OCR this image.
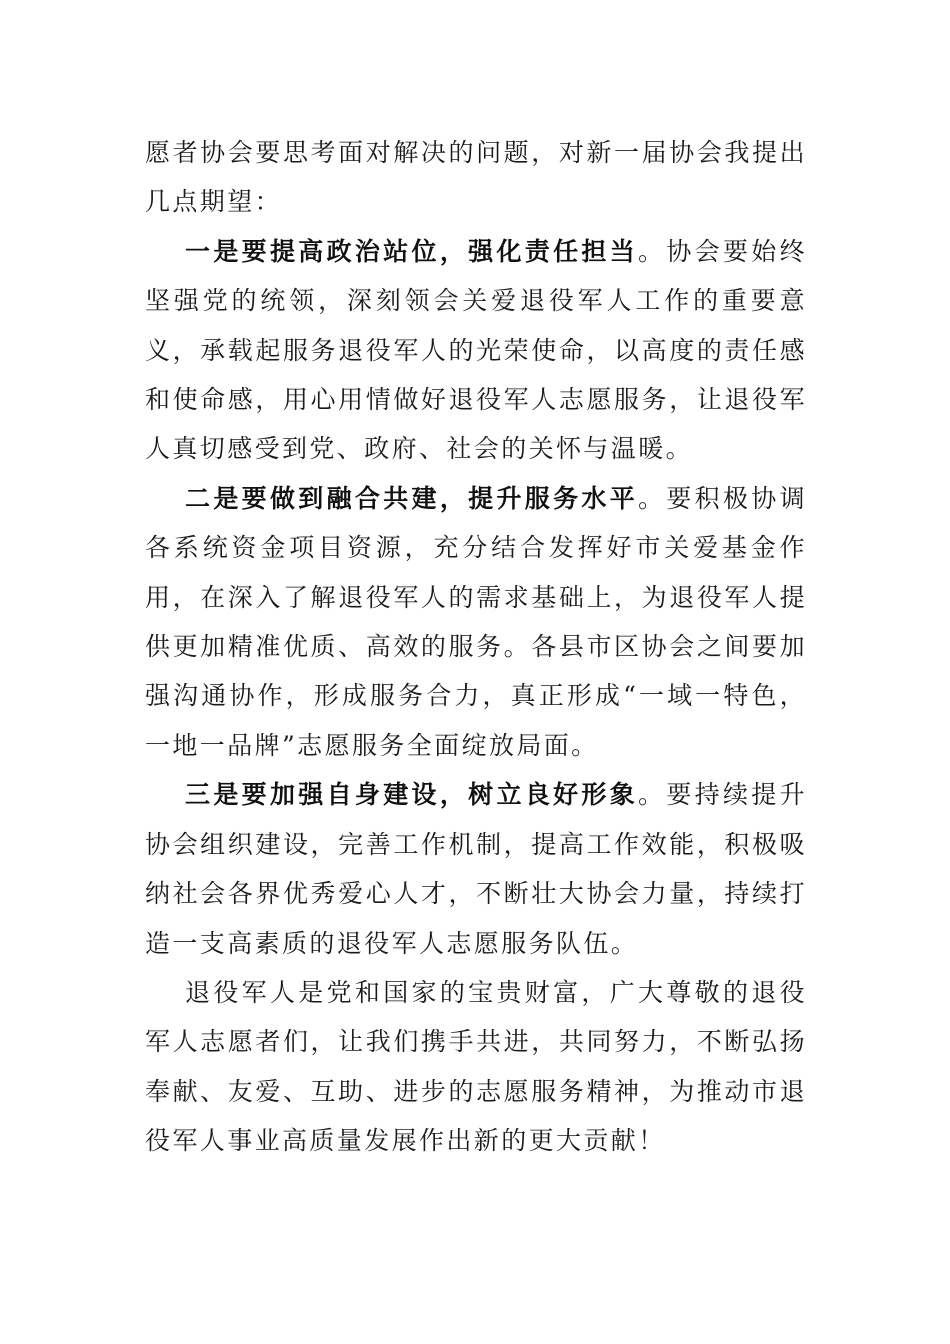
愿者协会要思考面对解决的问题，对新一届协会我提出几点期望：

一是要提高政治站位，强化责任担当。协会要始终坚强党的统领，深刻领会关爱退役军人工作的重要意义，承载起服务退役军人的光荣使命，以高度的责任感和使命感，用心用情做好退役军人志愿服务，让退役军人真切感受到党、政府、社会的关怀与温暖。

二是要做到融合共建，提升服务水平。要积极协调各系统资金项目资源，充分结合发挥好市关爱基金作用，在深入了解退役军人的需求基础上，为退役军人提供更加精准优质、高效的服务。各县市区协会之间要加强沟通协作，形成服务合力，真正形成“一域一特色，一地一品牌”志愿服务全面绽放局面。

三是要加强自身建设，树立良好形象。要持续提升协会组织建设，完善工作机制，提高工作效能，积极吸纳社会各界优秀爱心人才，不断壮大协会力量，持续打造一支高素质的退役军人志愿服务队伍。

退役军人是党和国家的宝贵财富，广大尊敬的退役军人志愿者们，让我们携手共进，共同努力，不断弘扬奉献、友爱、互助、进步的志愿服务精神，为推动市退役军人事业高质量发展作出新的更大贡献！
